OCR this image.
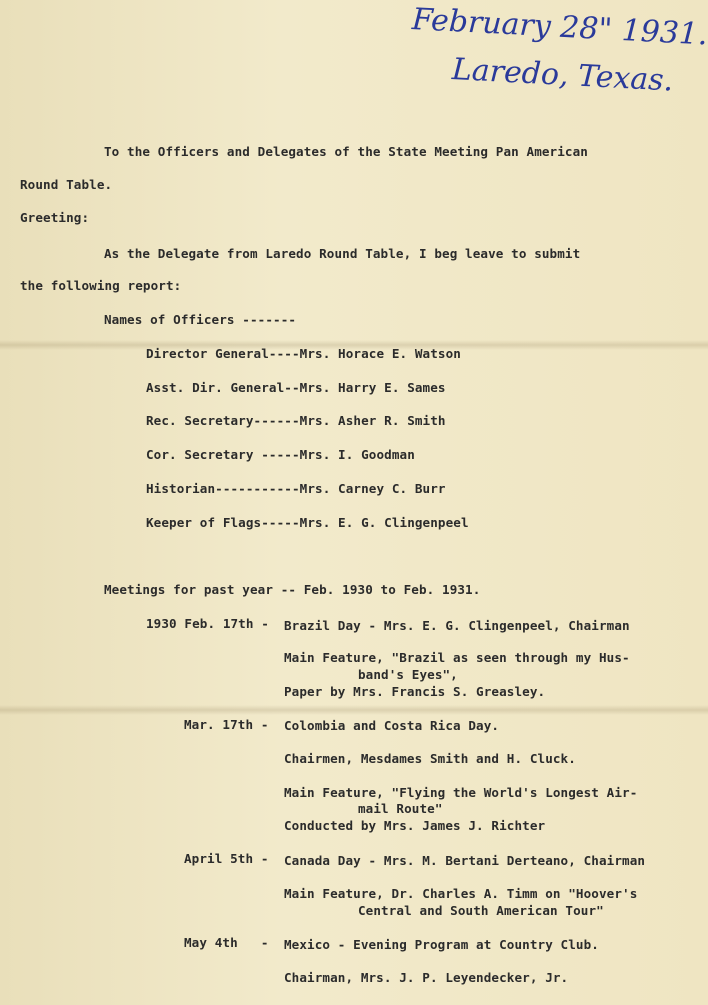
February 28" 1931.
Laredo, Texas.
To the Officers and Delegates of the State Meeting Pan American
Round Table.
Greeting:
As the Delegate from Laredo Round Table, I beg leave to submit
the following report:
Names of Officers -------
Director General----Mrs. Horace E. Watson
Asst. Dir. General--Mrs. Harry E. Sames
Rec. Secretary------Mrs. Asher R. Smith
Cor. Secretary -----Mrs. I. Goodman
Historian-----------Mrs. Carney C. Burr
Keeper of Flags-----Mrs. E. G. Clingenpeel
Meetings for past year -- Feb. 1930 to Feb. 1931.
1930 Feb. 17th - Brazil Day - Mrs. E. G. Clingenpeel, Chairman
Main Feature, "Brazil as seen through my Hus-
band's Eyes",
Paper by Mrs. Francis S. Greasley.
Mar. 17th - Colombia and Costa Rica Day.
Chairmen, Mesdames Smith and H. Cluck.
Main Feature, "Flying the World's Longest Air-
mail Route"
Conducted by Mrs. James J. Richter
April 5th - Canada Day - Mrs. M. Bertani Derteano, Chairman
Main Feature, Dr. Charles A. Timm on "Hoover's
Central and South American Tour"
May 4th   - Mexico - Evening Program at Country Club.
Chairman, Mrs. J. P. Leyendecker, Jr.
